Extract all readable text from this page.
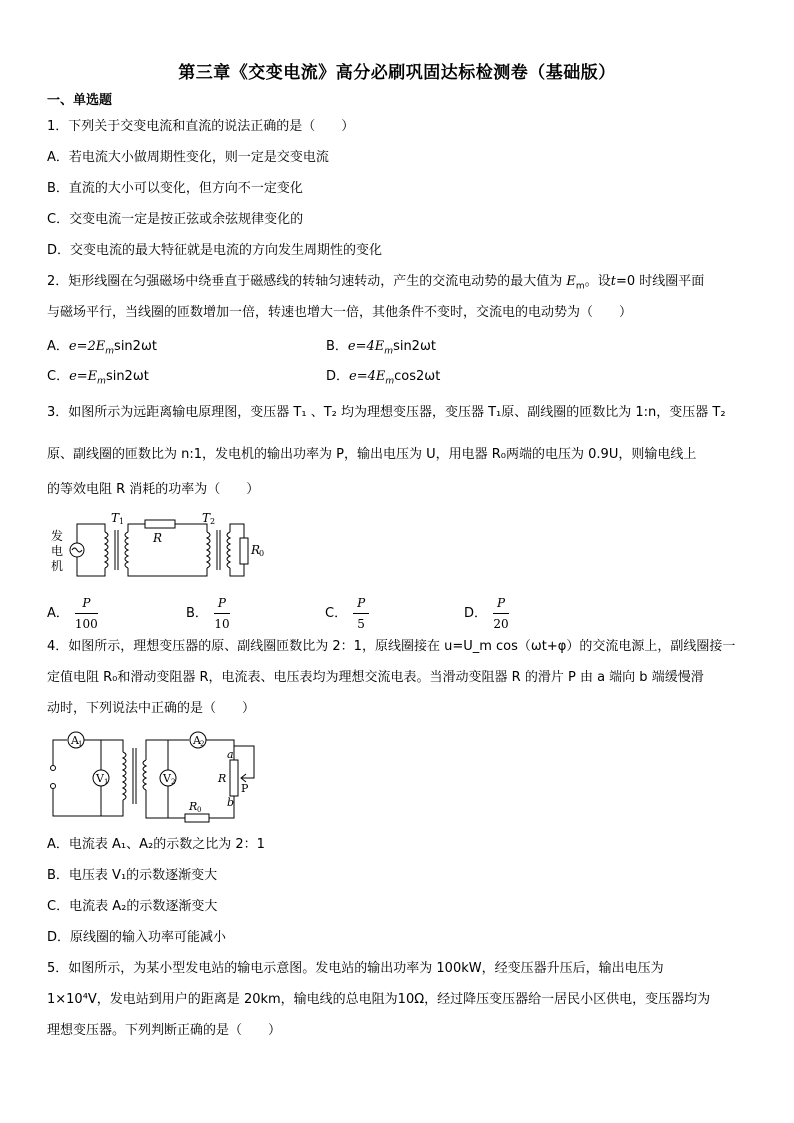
第三章《交变电流》高分必刷巩固达标检测卷（基础版）
一、单选题
1．下列关于交变电流和直流的说法正确的是（　　）
A．若电流大小做周期性变化，则一定是交变电流
B．直流的大小可以变化，但方向不一定变化
C．交变电流一定是按正弦或余弦规律变化的
D．交变电流的最大特征就是电流的方向发生周期性的变化
2．矩形线圈在匀强磁场中绕垂直于磁感线的转轴匀速转动，产生的交流电动势的最大值为 $E_m$。设t=0 时线圈平面
与磁场平行，当线圈的匝数增加一倍，转速也增大一倍，其他条件不变时，交流电的电动势为（　　）
A．$e=2E_m\sin 2\omega t$	B．$e=4E_m\sin 2\omega t$
C．$e=E_m\sin 2\omega t$	D．$e=4E_m\cos 2\omega t$
3．如图所示为远距离输电原理图，变压器 T₁ 、T₂ 均为理想变压器，变压器 T₁原、副线圈的匝数比为 1:n，变压器 T₂
原、副线圈的匝数比为 n:1，发电机的输出功率为 P，输出电压为 U，用电器 R₀两端的电压为 0.9U，则输电线上
的等效电阻 R 消耗的功率为（　　）
发
电
机
T 1
R
T 2
R
0
A． $\frac{P}{100}$	B． $\frac{P}{10}$	C． $\frac{P}{5}$	D． $\frac{P}{20}$
4．如图所示，理想变压器的原、副线圈匝数比为 2：1，原线圈接在 u=U_m cos（ωt+φ）的交流电源上，副线圈接一
定值电阻 R₀和滑动变阻器 R，电流表、电压表均为理想交流电表。当滑动变阻器 R 的滑片 P 由 a 端向 b 端缓慢滑
动时，下列说法中正确的是（　　）
A 1
V 1
A 2
V 2
a
R
P
b
R 0
A．电流表 A₁、A₂的示数之比为 2：1
B．电压表 V₁的示数逐渐变大
C．电流表 A₂的示数逐渐变大
D．原线圈的输入功率可能减小
5．如图所示，为某小型发电站的输电示意图。发电站的输出功率为 100kW，经变压器升压后，输出电压为
1×10⁴V，发电站到用户的距离是 20km，输电线的总电阻为10Ω，经过降压变压器给一居民小区供电，变压器均为
理想变压器。下列判断正确的是（　　）
